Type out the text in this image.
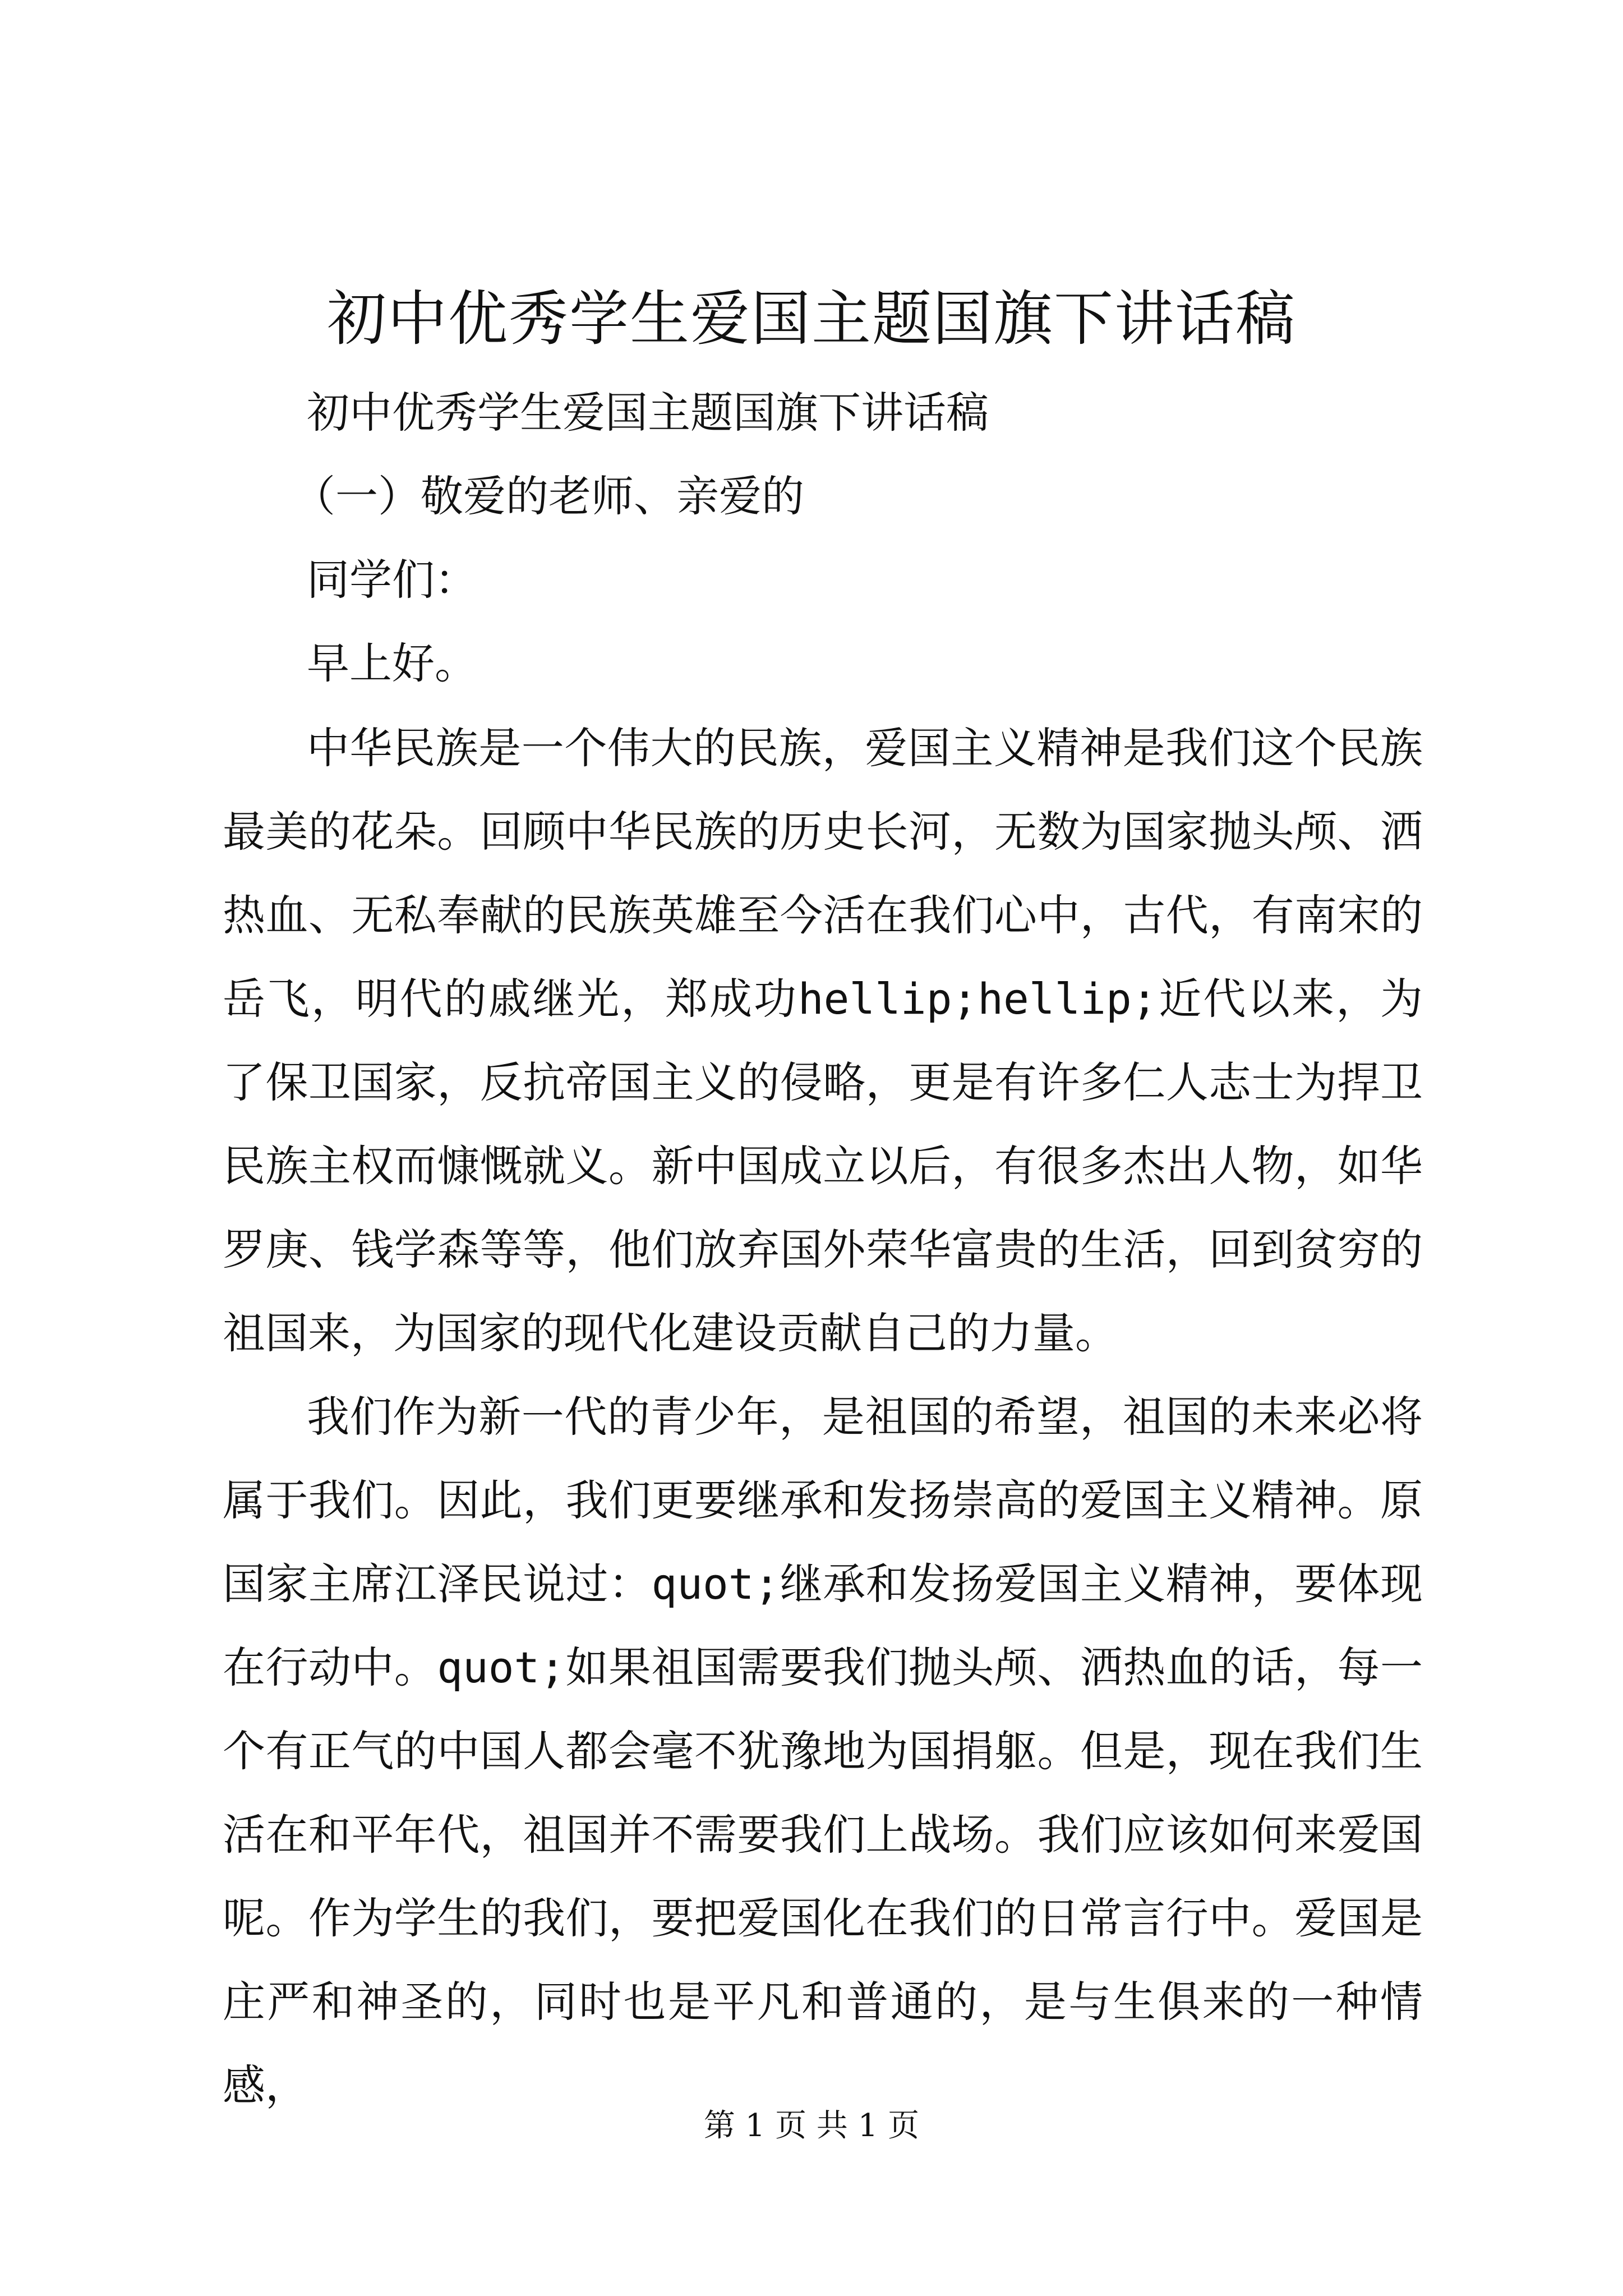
初中优秀学生爱国主题国旗下讲话稿

初中优秀学生爱国主题国旗下讲话稿

（一）敬爱的老师、亲爱的

同学们：

早上好。

中华民族是一个伟大的民族，爱国主义精神是我们这个民族最美的花朵。回顾中华民族的历史长河，无数为国家抛头颅、洒热血、无私奉献的民族英雄至今活在我们心中，古代，有南宋的岳飞，明代的戚继光，郑成功hellip;hellip;近代以来，为了保卫国家，反抗帝国主义的侵略，更是有许多仁人志士为捍卫民族主权而慷慨就义。新中国成立以后，有很多杰出人物，如华罗庚、钱学森等等，他们放弃国外荣华富贵的生活，回到贫穷的祖国来，为国家的现代化建设贡献自己的力量。

我们作为新一代的青少年，是祖国的希望，祖国的未来必将属于我们。因此，我们更要继承和发扬崇高的爱国主义精神。原国家主席江泽民说过：quot;继承和发扬爱国主义精神，要体现在行动中。quot;如果祖国需要我们抛头颅、洒热血的话，每一个有正气的中国人都会毫不犹豫地为国捐躯。但是，现在我们生活在和平年代，祖国并不需要我们上战场。我们应该如何来爱国呢。作为学生的我们，要把爱国化在我们的日常言行中。爱国是庄严和神圣的，同时也是平凡和普通的，是与生俱来的一种情感，

第 1 页 共 1 页
